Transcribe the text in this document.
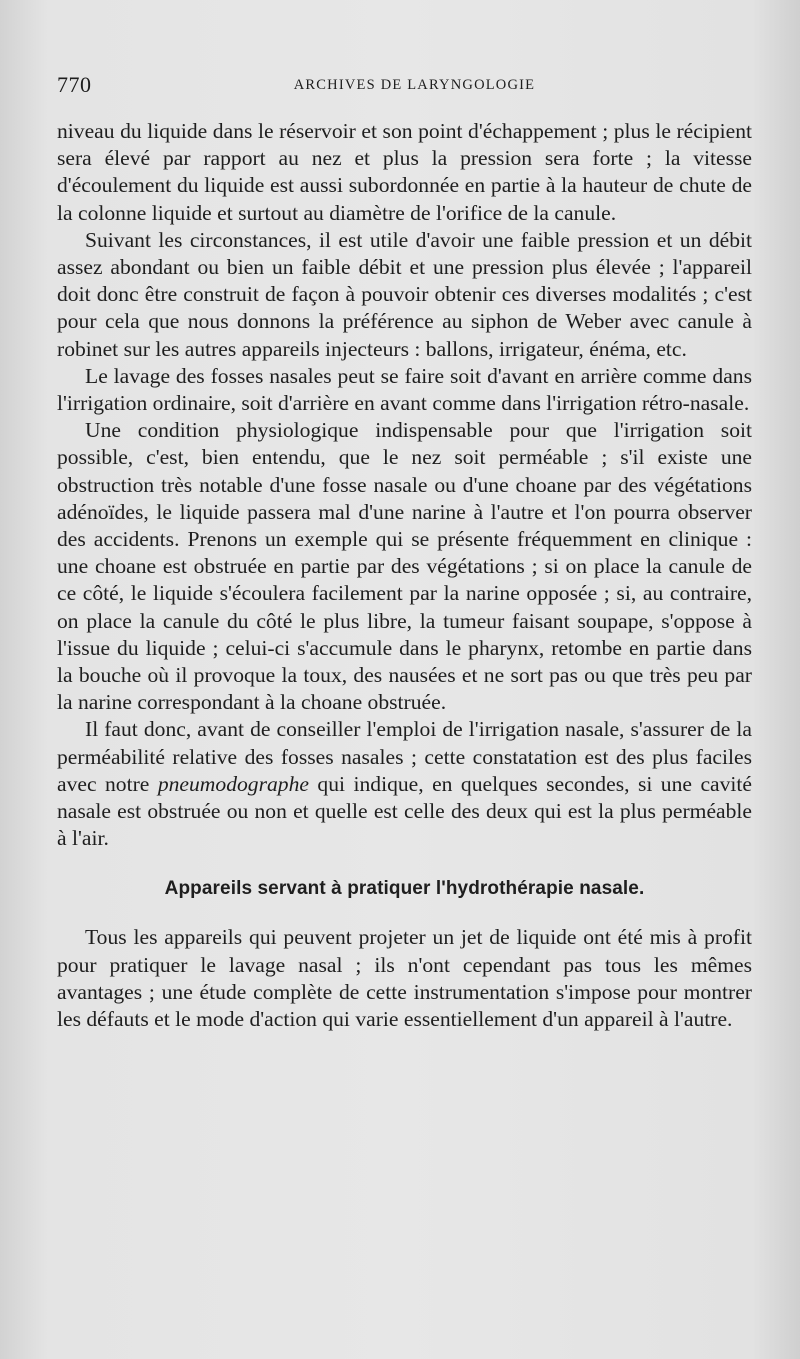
770	ARCHIVES DE LARYNGOLOGIE

niveau du liquide dans le réservoir et son point d'échappement ; plus le récipient sera élevé par rapport au nez et plus la pression sera forte ; la vitesse d'écoulement du liquide est aussi subordonnée en partie à la hauteur de chute de la colonne liquide et surtout au diamètre de l'orifice de la canule.

Suivant les circonstances, il est utile d'avoir une faible pression et un débit assez abondant ou bien un faible débit et une pression plus élevée ; l'appareil doit donc être construit de façon à pouvoir obtenir ces diverses modalités ; c'est pour cela que nous donnons la préférence au siphon de Weber avec canule à robinet sur les autres appareils injecteurs : ballons, irrigateur, énéma, etc.

Le lavage des fosses nasales peut se faire soit d'avant en arrière comme dans l'irrigation ordinaire, soit d'arrière en avant comme dans l'irrigation rétro-nasale.

Une condition physiologique indispensable pour que l'irrigation soit possible, c'est, bien entendu, que le nez soit perméable ; s'il existe une obstruction très notable d'une fosse nasale ou d'une choane par des végétations adénoïdes, le liquide passera mal d'une narine à l'autre et l'on pourra observer des accidents. Prenons un exemple qui se présente fréquemment en clinique : une choane est obstruée en partie par des végétations ; si on place la canule de ce côté, le liquide s'écoulera facilement par la narine opposée ; si, au contraire, on place la canule du côté le plus libre, la tumeur faisant soupape, s'oppose à l'issue du liquide ; celui-ci s'accumule dans le pharynx, retombe en partie dans la bouche où il provoque la toux, des nausées et ne sort pas ou que très peu par la narine correspondant à la choane obstruée.

Il faut donc, avant de conseiller l'emploi de l'irrigation nasale, s'assurer de la perméabilité relative des fosses nasales ; cette constatation est des plus faciles avec notre pneumodographe qui indique, en quelques secondes, si une cavité nasale est obstruée ou non et quelle est celle des deux qui est la plus perméable à l'air.

Appareils servant à pratiquer l'hydrothérapie nasale.

Tous les appareils qui peuvent projeter un jet de liquide ont été mis à profit pour pratiquer le lavage nasal ; ils n'ont cependant pas tous les mêmes avantages ; une étude complète de cette instrumentation s'impose pour montrer les défauts et le mode d'action qui varie essentiellement d'un appareil à l'autre.
